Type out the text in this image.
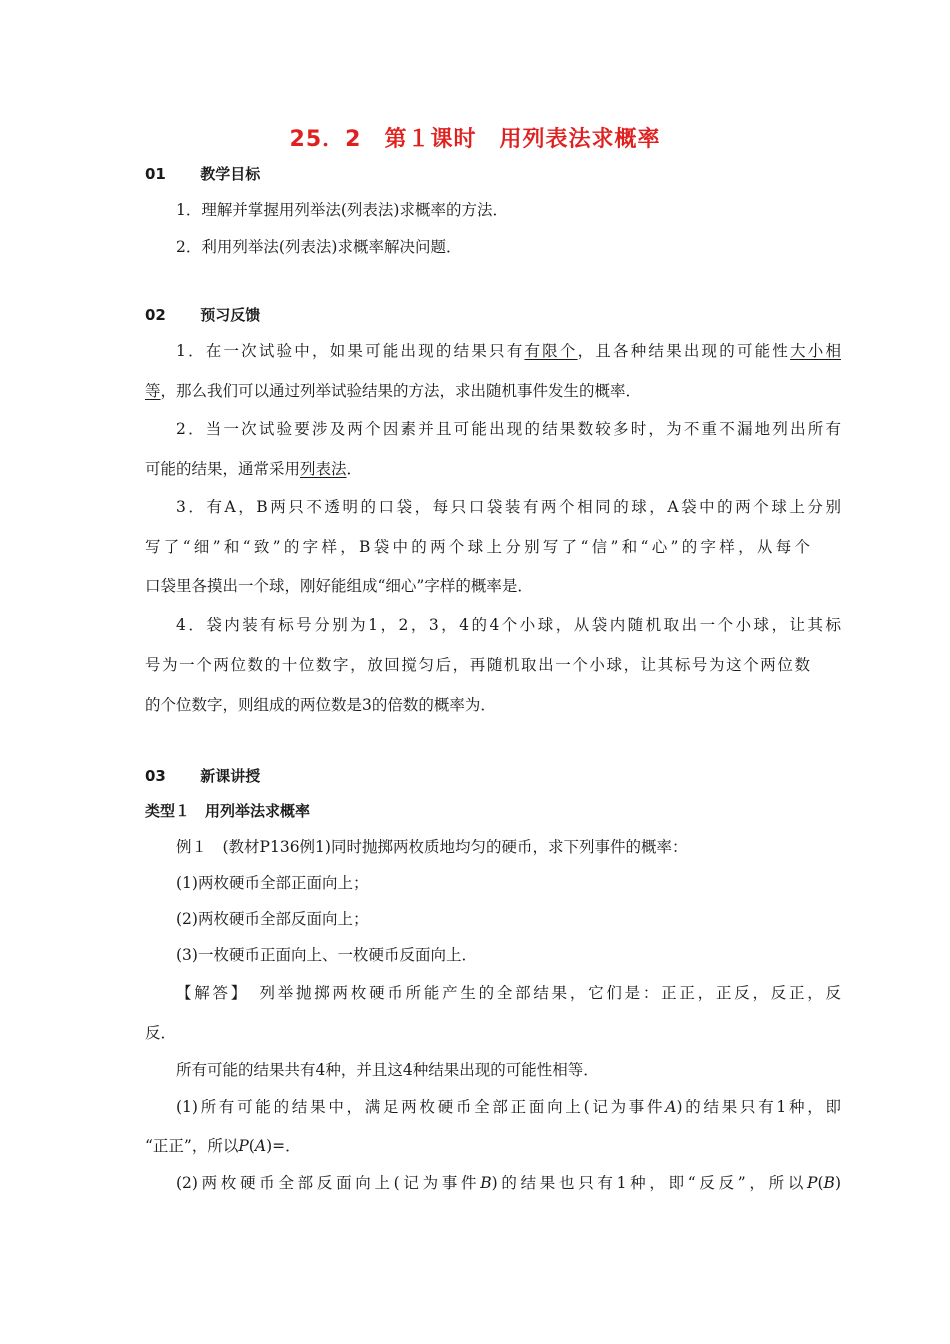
25．2　第１课时　用列表法求概率
01 教学目标
1．理解并掌握用列举法(列表法)求概率的方法．
2．利用列举法(列表法)求概率解决问题．
02 预习反馈
1．在一次试验中，如果可能出现的结果只有有限个，且各种结果出现的可能性大小相
等，那么我们可以通过列举试验结果的方法，求出随机事件发生的概率．
2．当一次试验要涉及两个因素并且可能出现的结果数较多时，为不重不漏地列出所有
可能的结果，通常采用列表法．
3．有A，B两只不透明的口袋，每只口袋装有两个相同的球，A袋中的两个球上分别
写了“细”和“致”的字样，B袋中的两个球上分别写了“信”和“心”的字样，从每个
口袋里各摸出一个球，刚好能组成“细心”字样的概率是．
4．袋内装有标号分别为1，2，3，4的4个小球，从袋内随机取出一个小球，让其标
号为一个两位数的十位数字，放回搅匀后，再随机取出一个小球，让其标号为这个两位数
的个位数字，则组成的两位数是3的倍数的概率为．
03 新课讲授
类型１　用列举法求概率
例１　(教材P136例1)同时抛掷两枚质地均匀的硬币，求下列事件的概率：
(1)两枚硬币全部正面向上；
(2)两枚硬币全部反面向上；
(3)一枚硬币正面向上、一枚硬币反面向上．
【解答】　列举抛掷两枚硬币所能产生的全部结果，它们是：正正，正反，反正，反
反．
所有可能的结果共有4种，并且这4种结果出现的可能性相等．
(1)所有可能的结果中，满足两枚硬币全部正面向上(记为事件A)的结果只有1种，即
“正正”，所以P(A)=．
(2)两枚硬币全部反面向上(记为事件B)的结果也只有1种，即“反反”，所以P(B)
